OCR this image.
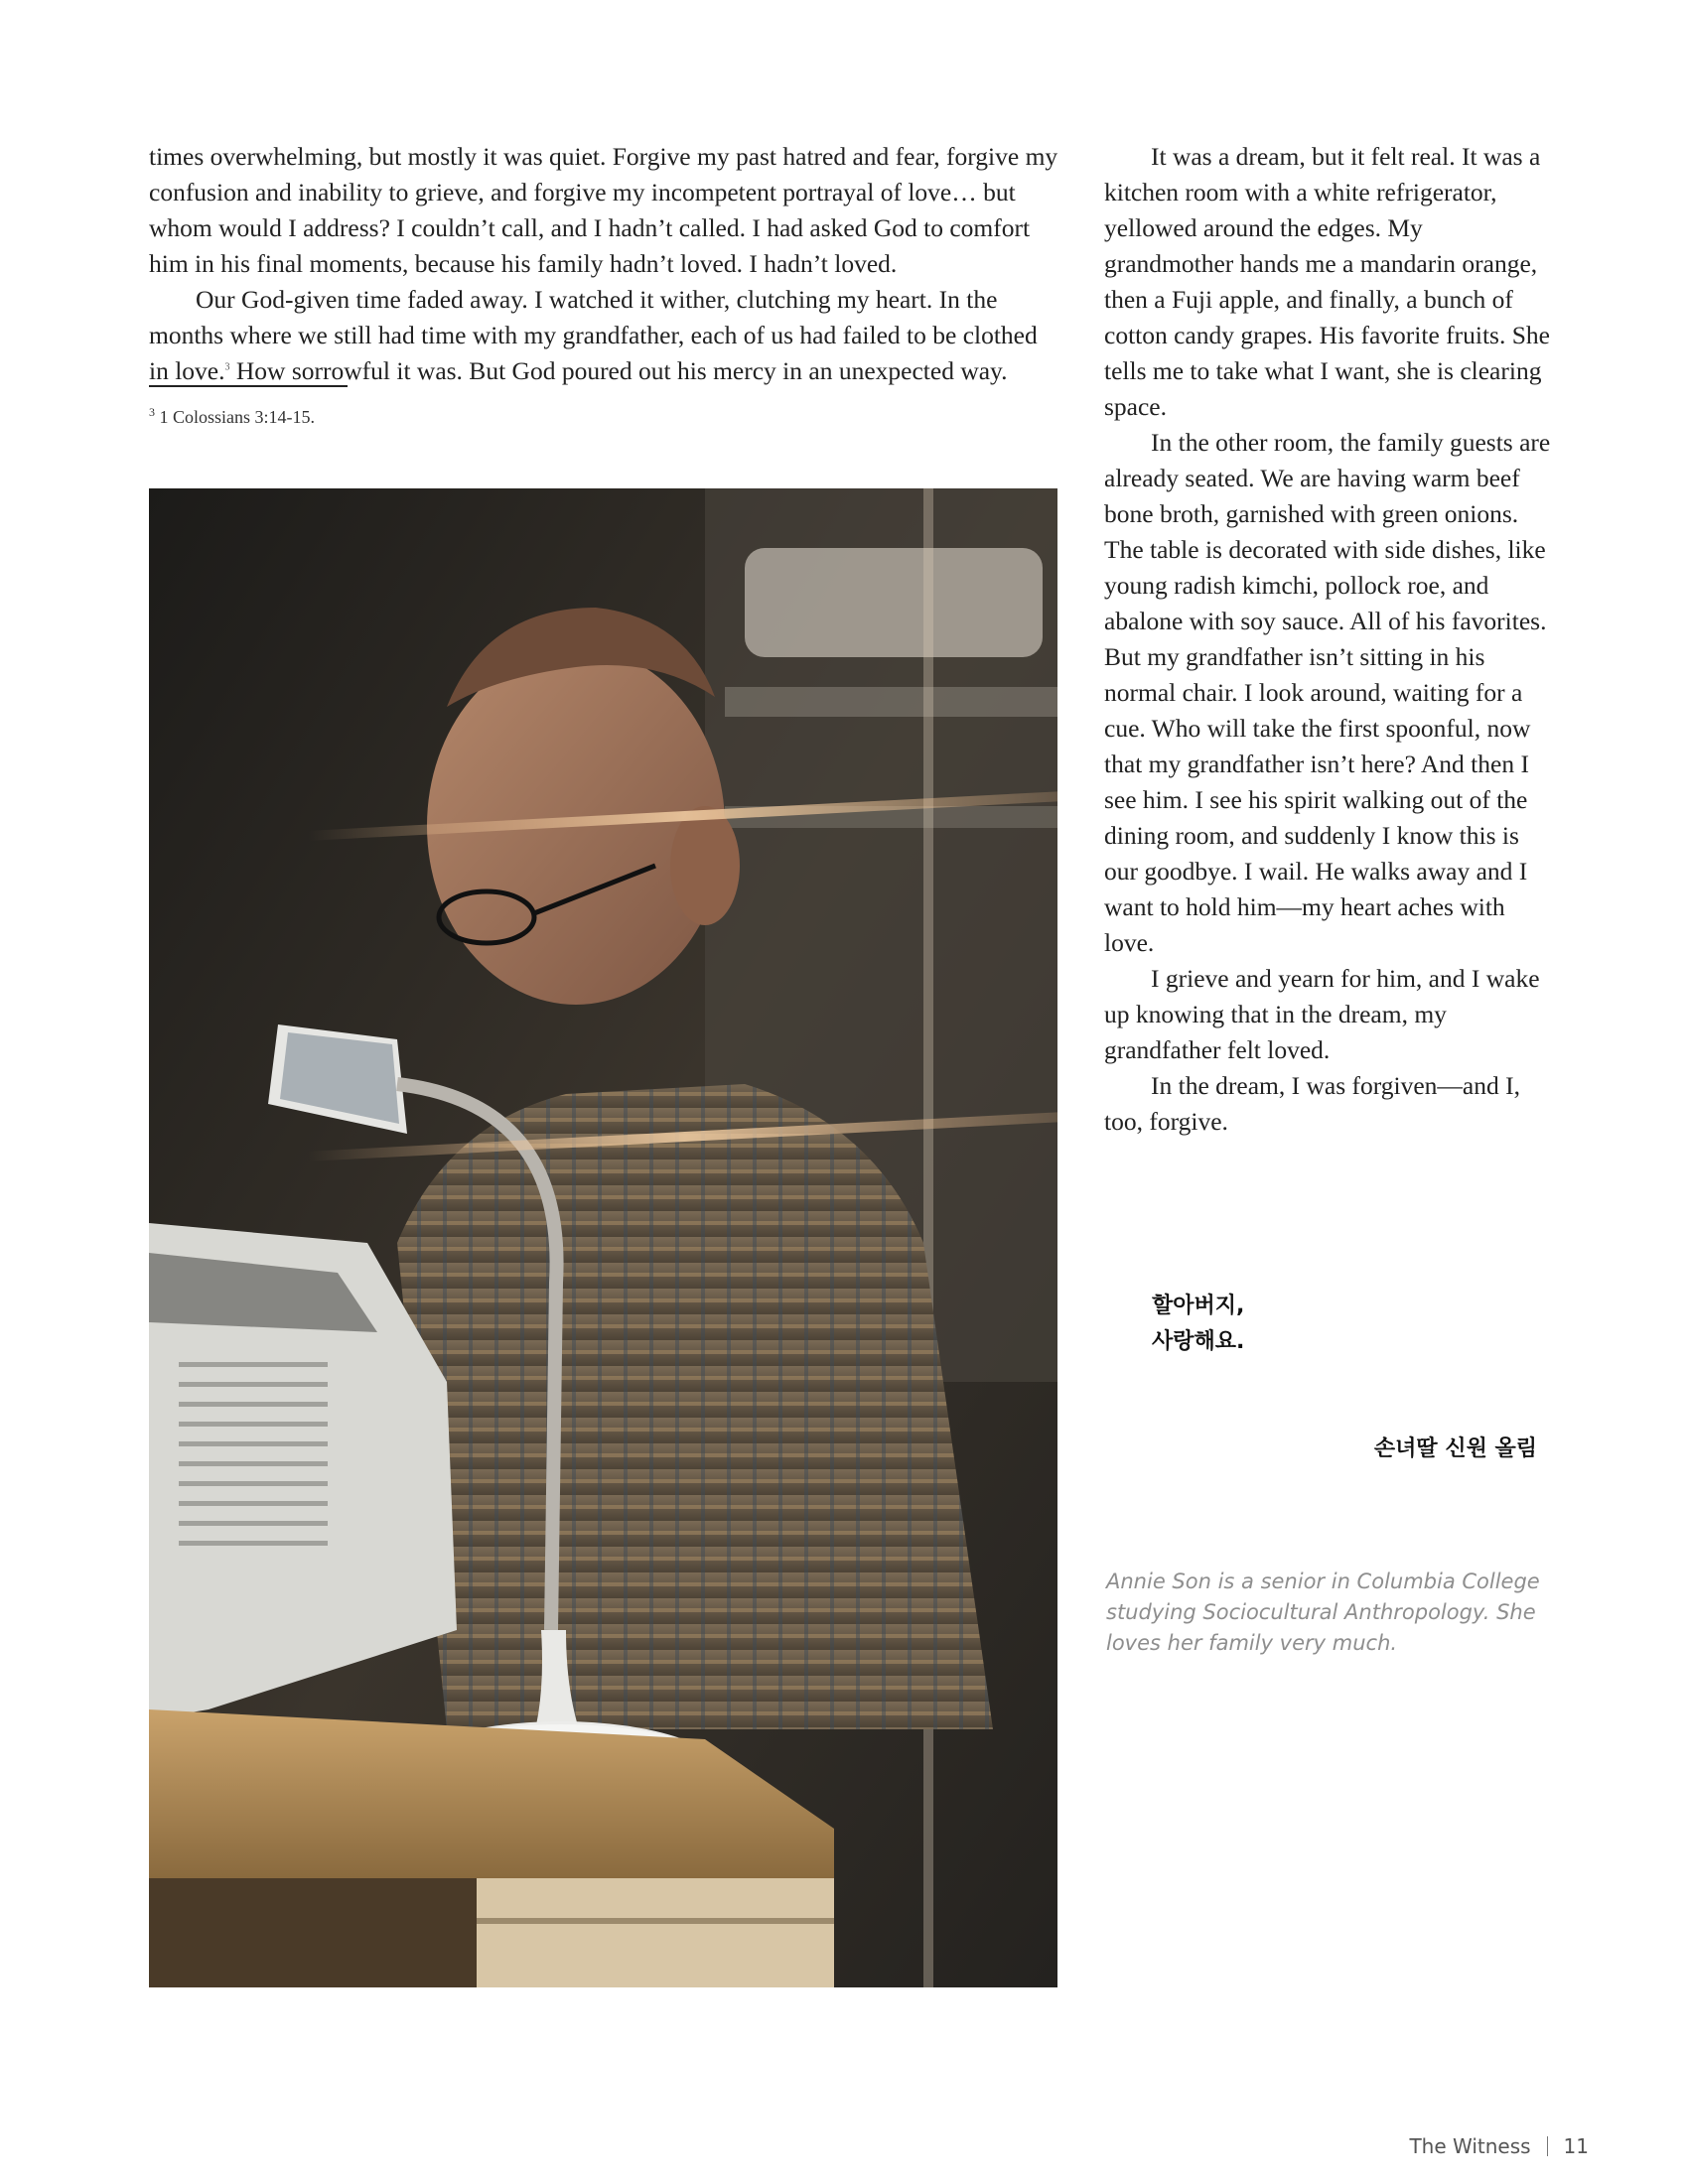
times overwhelming, but mostly it was quiet. Forgive my past hatred and fear, forgive my confusion and inability to grieve, and forgive my incompetent portrayal of love… but whom would I address? I couldn’t call, and I hadn’t called. I had asked God to comfort him in his final moments, because his family hadn’t loved. I hadn’t loved.

Our God-given time faded away. I watched it wither, clutching my heart. In the months where we still had time with my grandfather, each of us had failed to be clothed in love.$^3$ How sorrowful it was. But God poured out his mercy in an unexpected way.

$^3$ 1 Colossians 3:14-15.

It was a dream, but it felt real. It was a kitchen room with a white refrigerator, yellowed around the edges. My grandmother hands me a mandarin orange, then a Fuji apple, and finally, a bunch of cotton candy grapes. His favorite fruits. She tells me to take what I want, she is clearing space.

In the other room, the family guests are already seated. We are having warm beef bone broth, garnished with green onions. The table is decorated with side dishes, like young radish kimchi, pollock roe, and abalone with soy sauce. All of his favorites. But my grandfather isn’t sitting in his normal chair. I look around, waiting for a cue. Who will take the first spoonful, now that my grandfather isn’t here? And then I see him. I see his spirit walking out of the dining room, and suddenly I know this is our goodbye. I wail. He walks away and I want to hold him—my heart aches with love.

I grieve and yearn for him, and I wake up knowing that in the dream, my grandfather felt loved.

In the dream, I was forgiven—and I, too, forgive.

할아버지,
사랑해요.
손녀딸 신원 올림
Annie Son is a senior in Columbia College studying Sociocultural Anthropology. She loves her family very much.
The Witness 11
